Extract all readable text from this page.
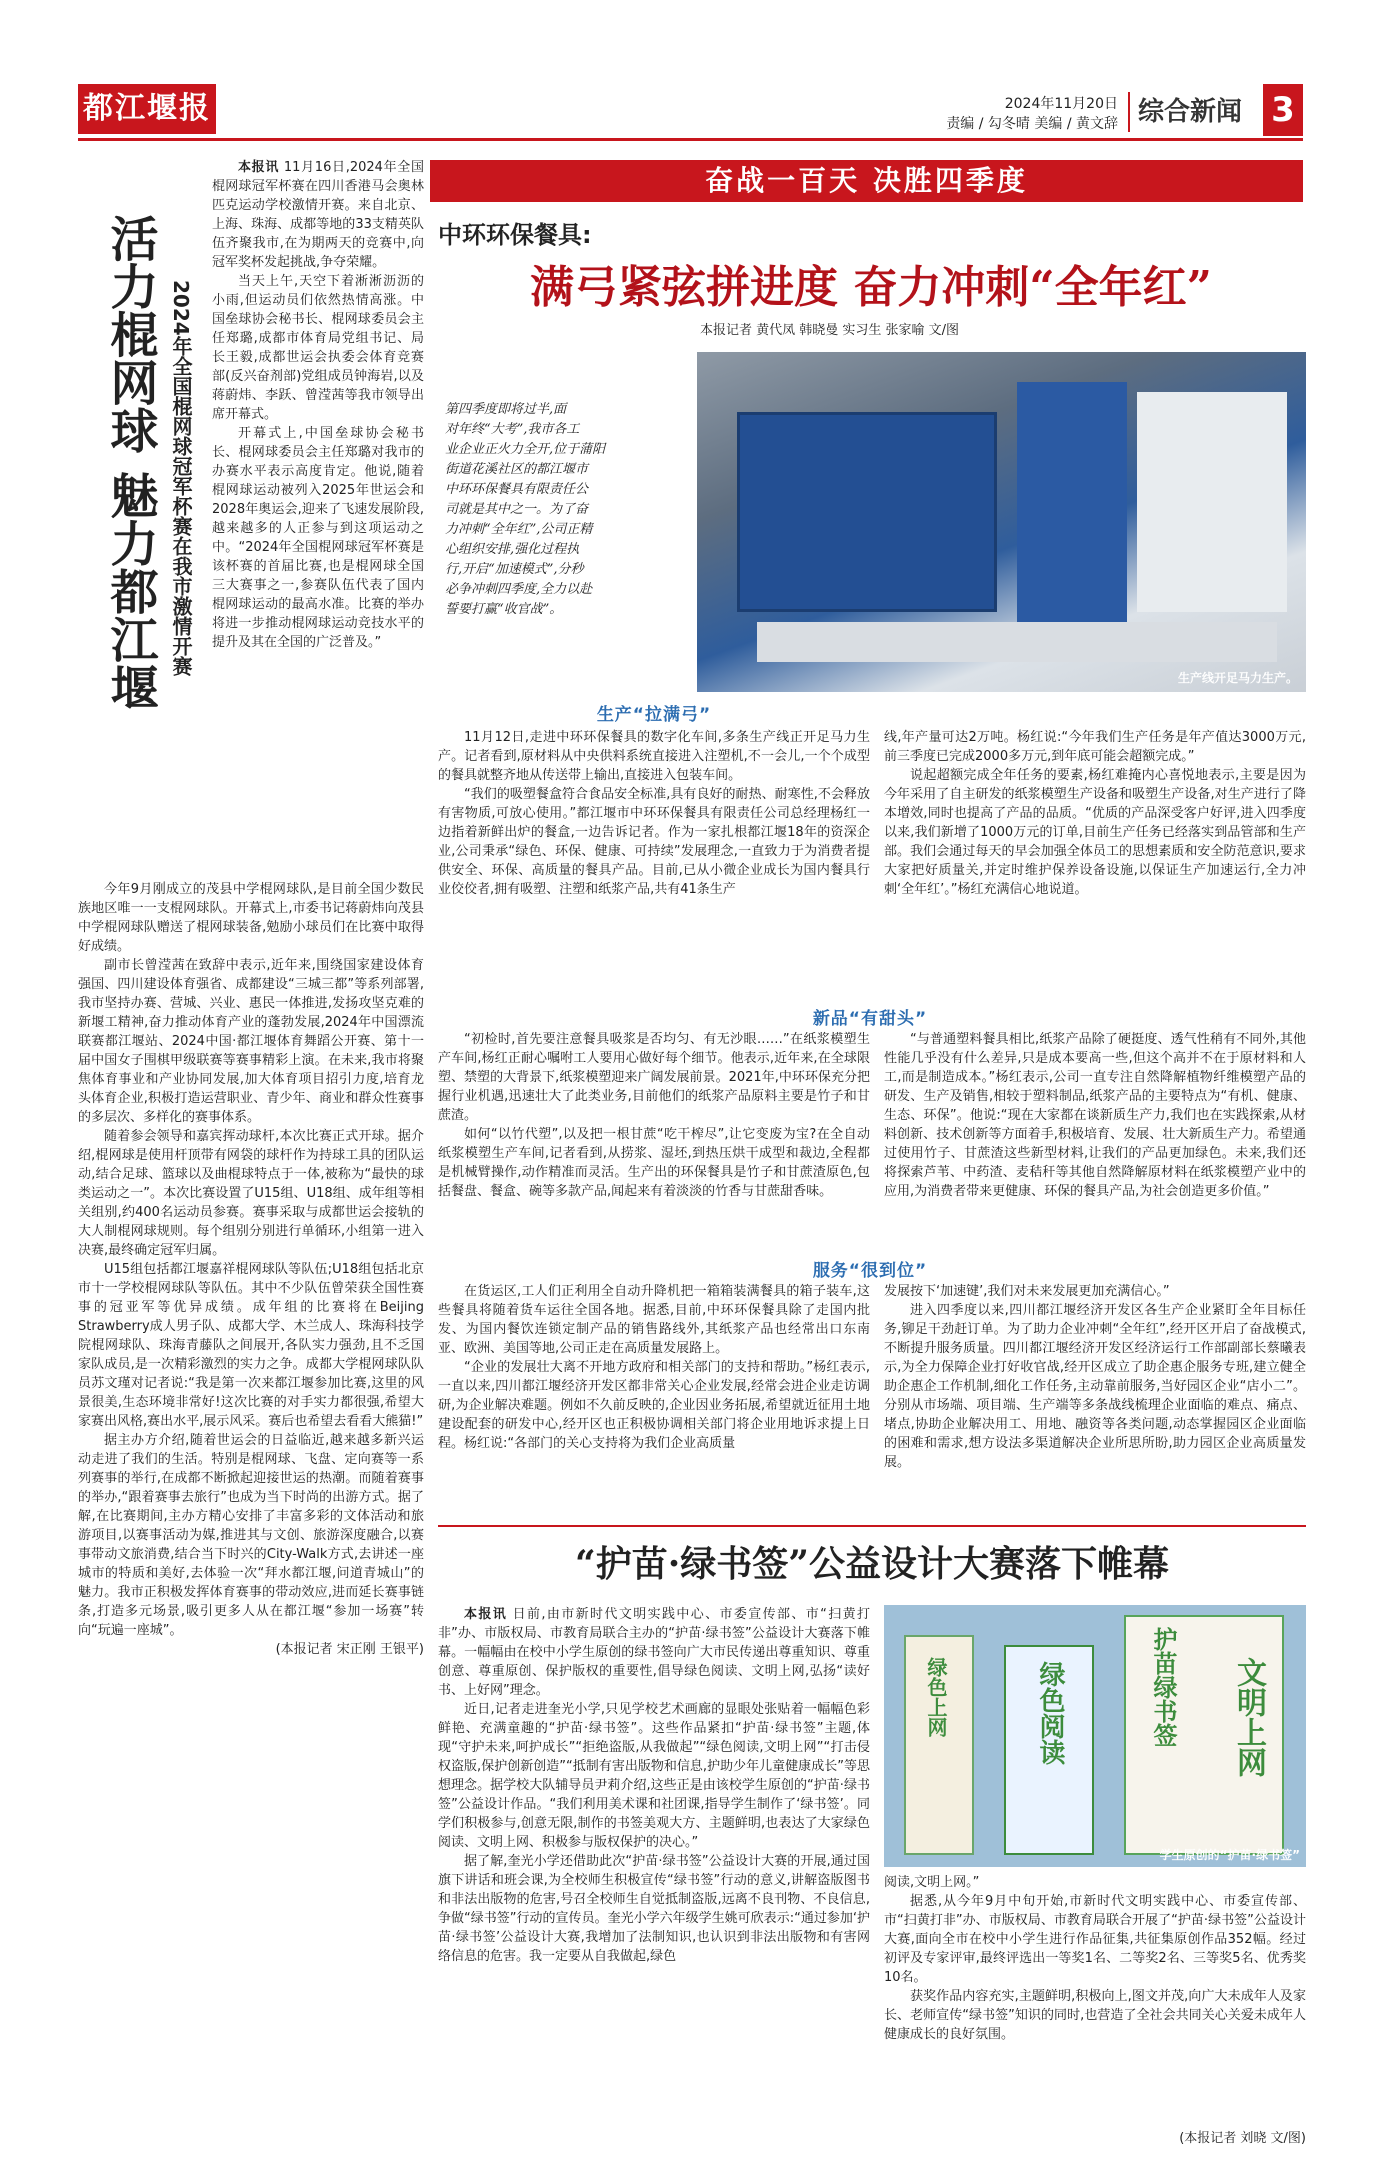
都江堰报	2024年11月20日
责编 / 勾冬晴 美编 / 黄文辞 综合新闻 3
奋战一百天 决胜四季度
中环环保餐具:
满弓紧弦拼进度 奋力冲刺“全年红”
本报记者 黄代凤 韩晓曼 实习生 张家喻 文/图
第四季度即将过半,面
对年终“大考”,我市各工
业企业正火力全开,位于蒲阳
街道花溪社区的都江堰市
中环环保餐具有限责任公
司就是其中之一。为了奋
力冲刺“全年红”,公司正精
心组织安排,强化过程执
行,开启“加速模式”,分秒
必争冲刺四季度,全力以赴
誓要打赢“收官战”。
生产线开足马力生产。
生产“拉满弓”

11月12日,走进中环环保餐具的数字化车间,多条生产线正开足马力生产。记者看到,原材料从中央供料系统直接进入注塑机,不一会儿,一个个成型的餐具就整齐地从传送带上输出,直接进入包装车间。

“我们的吸塑餐盒符合食品安全标准,具有良好的耐热、耐寒性,不会释放有害物质,可放心使用。”都江堰市中环环保餐具有限责任公司总经理杨红一边指着新鲜出炉的餐盒,一边告诉记者。作为一家扎根都江堰18年的资深企业,公司秉承“绿色、环保、健康、可持续”发展理念,一直致力于为消费者提供安全、环保、高质量的餐具产品。目前,已从小微企业成长为国内餐具行业佼佼者,拥有吸塑、注塑和纸浆产品,共有41条生产

线,年产量可达2万吨。杨红说:“今年我们生产任务是年产值达3000万元,前三季度已完成2000多万元,到年底可能会超额完成。”

说起超额完成全年任务的要素,杨红难掩内心喜悦地表示,主要是因为今年采用了自主研发的纸浆模塑生产设备和吸塑生产设备,对生产进行了降本增效,同时也提高了产品的品质。“优质的产品深受客户好评,进入四季度以来,我们新增了1000万元的订单,目前生产任务已经落实到品管部和生产部。我们会通过每天的早会加强全体员工的思想素质和安全防范意识,要求大家把好质量关,并定时维护保养设备设施,以保证生产加速运行,全力冲刺‘全年红’。”杨红充满信心地说道。

新品“有甜头”

“初检时,首先要注意餐具吸浆是否均匀、有无沙眼……”在纸浆模塑生产车间,杨红正耐心嘱咐工人要用心做好每个细节。他表示,近年来,在全球限塑、禁塑的大背景下,纸浆模塑迎来广阔发展前景。2021年,中环环保充分把握行业机遇,迅速壮大了此类业务,目前他们的纸浆产品原料主要是竹子和甘蔗渣。

如何“以竹代塑”,以及把一根甘蔗“吃干榨尽”,让它变废为宝?在全自动纸浆模塑生产车间,记者看到,从捞浆、湿坯,到热压烘干成型和裁边,全程都是机械臂操作,动作精准而灵活。生产出的环保餐具是竹子和甘蔗渣原色,包括餐盘、餐盒、碗等多款产品,闻起来有着淡淡的竹香与甘蔗甜香味。

“与普通塑料餐具相比,纸浆产品除了硬挺度、透气性稍有不同外,其他性能几乎没有什么差异,只是成本要高一些,但这个高并不在于原材料和人工,而是制造成本。”杨红表示,公司一直专注自然降解植物纤维模塑产品的研发、生产及销售,相较于塑料制品,纸浆产品的主要特点为“有机、健康、生态、环保”。他说:“现在大家都在谈新质生产力,我们也在实践探索,从材料创新、技术创新等方面着手,积极培育、发展、壮大新质生产力。希望通过使用竹子、甘蔗渣这些新型材料,让我们的产品更加绿色。未来,我们还将探索芦苇、中药渣、麦秸秆等其他自然降解原材料在纸浆模塑产业中的应用,为消费者带来更健康、环保的餐具产品,为社会创造更多价值。”

服务“很到位”

在货运区,工人们正利用全自动升降机把一箱箱装满餐具的箱子装车,这些餐具将随着货车运往全国各地。据悉,目前,中环环保餐具除了走国内批发、为国内餐饮连锁定制产品的销售路线外,其纸浆产品也经常出口东南亚、欧洲、美国等地,公司正走在高质量发展路上。

“企业的发展壮大离不开地方政府和相关部门的支持和帮助。”杨红表示,一直以来,四川都江堰经济开发区都非常关心企业发展,经常会进企业走访调研,为企业解决难题。例如不久前反映的,企业因业务拓展,希望就近征用土地建设配套的研发中心,经开区也正积极协调相关部门将企业用地诉求提上日程。杨红说:“各部门的关心支持将为我们企业高质量

发展按下‘加速键’,我们对未来发展更加充满信心。”

进入四季度以来,四川都江堰经济开发区各生产企业紧盯全年目标任务,铆足干劲赶订单。为了助力企业冲刺“全年红”,经开区开启了奋战模式,不断提升服务质量。四川都江堰经济开发区经济运行工作部副部长蔡曦表示,为全力保障企业打好收官战,经开区成立了助企惠企服务专班,建立健全助企惠企工作机制,细化工作任务,主动靠前服务,当好园区企业“店小二”。分别从市场端、项目端、生产端等多条战线梳理企业面临的难点、痛点、堵点,协助企业解决用工、用地、融资等各类问题,动态掌握园区企业面临的困难和需求,想方设法多渠道解决企业所思所盼,助力园区企业高质量发展。

活力棍网球 魅力都江堰 2024年全国棍网球冠军杯赛在我市激情开赛

本报讯 11月16日,2024年全国棍网球冠军杯赛在四川香港马会奥林匹克运动学校激情开赛。来自北京、上海、珠海、成都等地的33支精英队伍齐聚我市,在为期两天的竞赛中,向冠军奖杯发起挑战,争夺荣耀。

当天上午,天空下着淅淅沥沥的小雨,但运动员们依然热情高涨。中国垒球协会秘书长、棍网球委员会主任郑璐,成都市体育局党组书记、局长王毅,成都世运会执委会体育竞赛部(反兴奋剂部)党组成员钟海岩,以及蒋蔚炜、李跃、曾滢茜等我市领导出席开幕式。

开幕式上,中国垒球协会秘书长、棍网球委员会主任郑璐对我市的办赛水平表示高度肯定。他说,随着棍网球运动被列入2025年世运会和2028年奥运会,迎来了飞速发展阶段,越来越多的人正参与到这项运动之中。“2024年全国棍网球冠军杯赛是该杯赛的首届比赛,也是棍网球全国三大赛事之一,参赛队伍代表了国内棍网球运动的最高水准。比赛的举办将进一步推动棍网球运动竞技水平的提升及其在全国的广泛普及。”

今年9月刚成立的茂县中学棍网球队,是目前全国少数民族地区唯一一支棍网球队。开幕式上,市委书记蒋蔚炜向茂县中学棍网球队赠送了棍网球装备,勉励小球员们在比赛中取得好成绩。

副市长曾滢茜在致辞中表示,近年来,围绕国家建设体育强国、四川建设体育强省、成都建设“三城三都”等系列部署,我市坚持办赛、营城、兴业、惠民一体推进,发扬攻坚克难的新堰工精神,奋力推动体育产业的蓬勃发展,2024年中国漂流联赛都江堰站、2024中国·都江堰体育舞蹈公开赛、第十一届中国女子围棋甲级联赛等赛事精彩上演。在未来,我市将聚焦体育事业和产业协同发展,加大体育项目招引力度,培育龙头体育企业,积极打造运营职业、青少年、商业和群众性赛事的多层次、多样化的赛事体系。

随着参会领导和嘉宾挥动球杆,本次比赛正式开球。据介绍,棍网球是使用杆顶带有网袋的球杆作为持球工具的团队运动,结合足球、篮球以及曲棍球特点于一体,被称为“最快的球类运动之一”。本次比赛设置了U15组、U18组、成年组等相关组别,约400名运动员参赛。赛事采取与成都世运会接轨的大人制棍网球规则。每个组别分别进行单循环,小组第一进入决赛,最终确定冠军归属。

U15组包括都江堰嘉祥棍网球队等队伍;U18组包括北京市十一学校棍网球队等队伍。其中不少队伍曾荣获全国性赛事的冠亚军等优异成绩。成年组的比赛将在Beijing Strawberry成人男子队、成都大学、木兰成人、珠海科技学院棍网球队、珠海青藤队之间展开,各队实力强劲,且不乏国家队成员,是一次精彩激烈的实力之争。成都大学棍网球队队员苏文瑾对记者说:“我是第一次来都江堰参加比赛,这里的风景很美,生态环境非常好!这次比赛的对手实力都很强,希望大家赛出风格,赛出水平,展示风采。赛后也希望去看看大熊猫!”

据主办方介绍,随着世运会的日益临近,越来越多新兴运动走进了我们的生活。特别是棍网球、飞盘、定向赛等一系列赛事的举行,在成都不断掀起迎接世运的热潮。而随着赛事的举办,“跟着赛事去旅行”也成为当下时尚的出游方式。据了解,在比赛期间,主办方精心安排了丰富多彩的文体活动和旅游项目,以赛事活动为媒,推进其与文创、旅游深度融合,以赛事带动文旅消费,结合当下时兴的City-Walk方式,去讲述一座城市的特质和美好,去体验一次“拜水都江堰,问道青城山”的魅力。我市正积极发挥体育赛事的带动效应,进而延长赛事链条,打造多元场景,吸引更多人从在都江堰“参加一场赛”转向“玩遍一座城”。

(本报记者 宋正刚 王银平)
“护苗·绿书签”公益设计大赛落下帷幕

本报讯 日前,由市新时代文明实践中心、市委宣传部、市“扫黄打非”办、市版权局、市教育局联合主办的“护苗·绿书签”公益设计大赛落下帷幕。一幅幅由在校中小学生原创的绿书签向广大市民传递出尊重知识、尊重创意、尊重原创、保护版权的重要性,倡导绿色阅读、文明上网,弘扬“读好书、上好网”理念。

近日,记者走进奎光小学,只见学校艺术画廊的显眼处张贴着一幅幅色彩鲜艳、充满童趣的“护苗·绿书签”。这些作品紧扣“护苗·绿书签”主题,体现“守护未来,呵护成长”“拒绝盗版,从我做起”“绿色阅读,文明上网”“打击侵权盗版,保护创新创造”“抵制有害出版物和信息,护助少年儿童健康成长”等思想理念。据学校大队辅导员尹莉介绍,这些正是由该校学生原创的“护苗·绿书签”公益设计作品。“我们利用美术课和社团课,指导学生制作了‘绿书签’。同学们积极参与,创意无限,制作的书签美观大方、主题鲜明,也表达了大家绿色阅读、文明上网、积极参与版权保护的决心。”

据了解,奎光小学还借助此次“护苗·绿书签”公益设计大赛的开展,通过国旗下讲话和班会课,为全校师生积极宣传“绿书签”行动的意义,讲解盗版图书和非法出版物的危害,号召全校师生自觉抵制盗版,远离不良刊物、不良信息,争做“绿书签”行动的宣传员。奎光小学六年级学生姚可欣表示:“通过参加‘护苗·绿书签’公益设计大赛,我增加了法制知识,也认识到非法出版物和有害网络信息的危害。我一定要从自我做起,绿色

绿色上网	绿色阅读	文明上网
护苗绿书签
学生原创的“护苗·绿书签”

阅读,文明上网。”

据悉,从今年9月中旬开始,市新时代文明实践中心、市委宣传部、市“扫黄打非”办、市版权局、市教育局联合开展了“护苗·绿书签”公益设计大赛,面向全市在校中小学生进行作品征集,共征集原创作品352幅。经过初评及专家评审,最终评选出一等奖1名、二等奖2名、三等奖5名、优秀奖10名。

获奖作品内容充实,主题鲜明,积极向上,图文并茂,向广大未成年人及家长、老师宣传“绿书签”知识的同时,也营造了全社会共同关心关爱未成年人健康成长的良好氛围。

(本报记者 刘晓 文/图)
